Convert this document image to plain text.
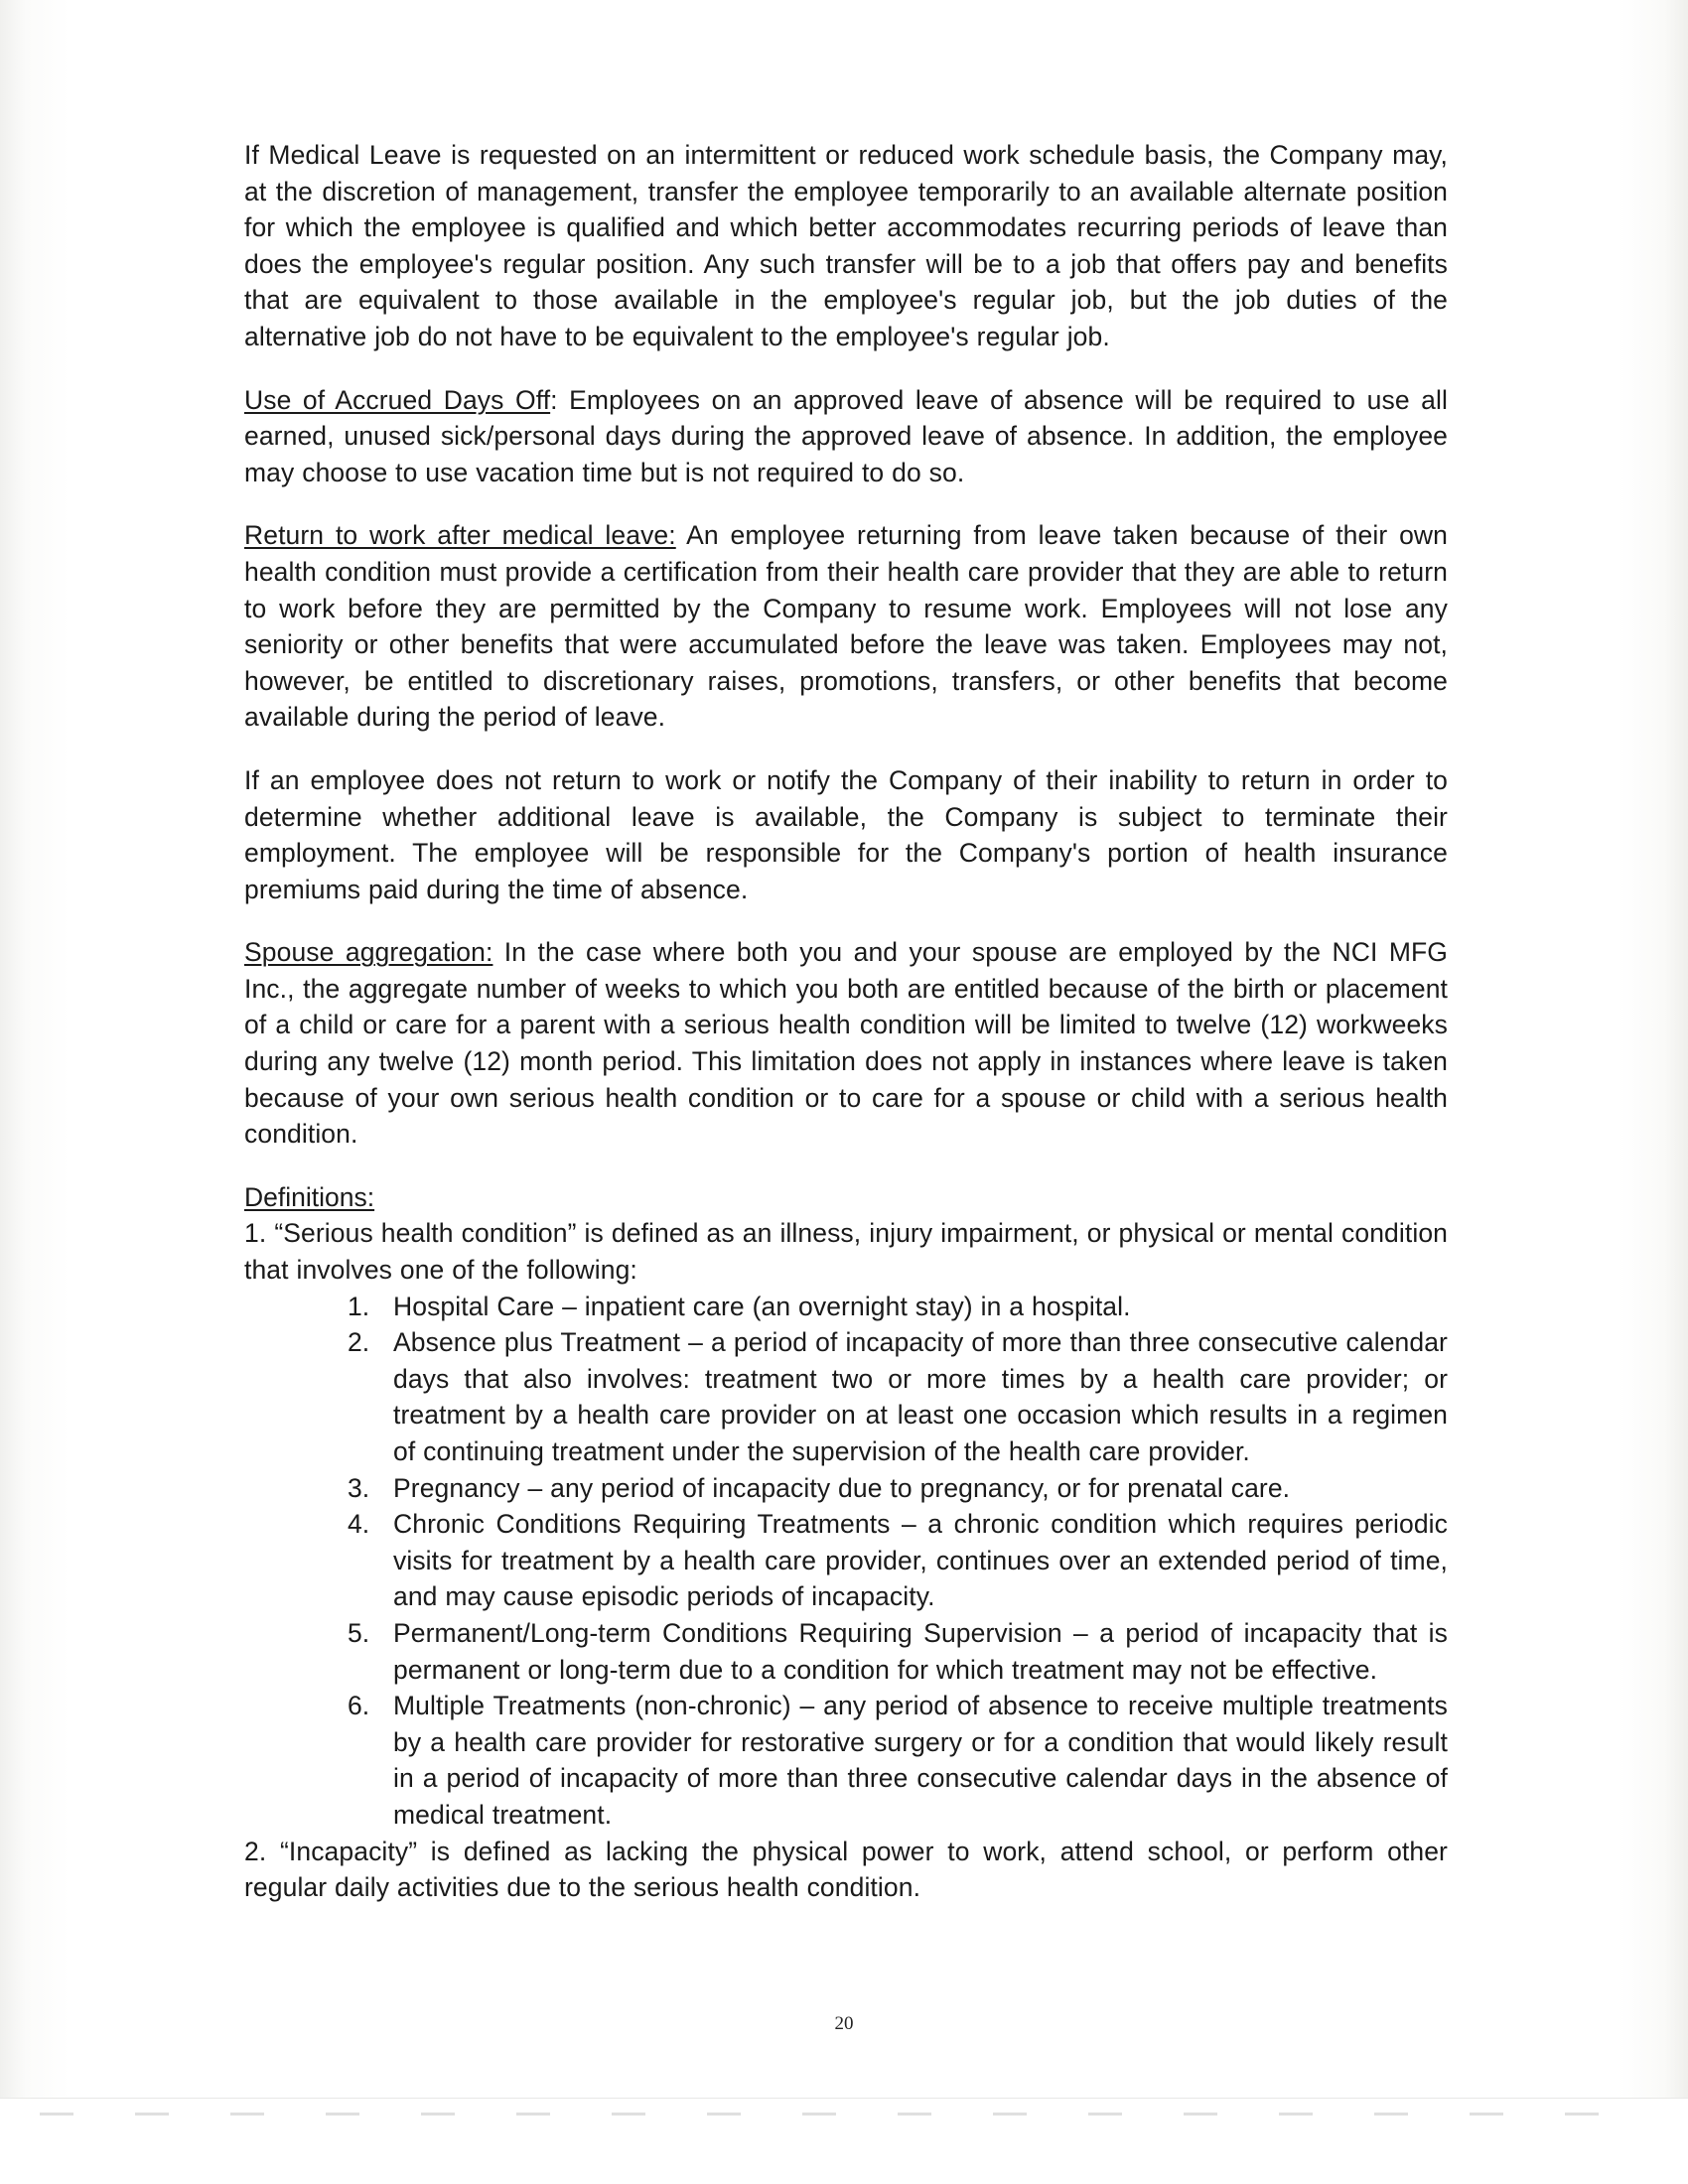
If Medical Leave is requested on an intermittent or reduced work schedule basis, the Company may, at the discretion of management, transfer the employee temporarily to an available alternate position for which the employee is qualified and which better accommodates recurring periods of leave than does the employee's regular position. Any such transfer will be to a job that offers pay and benefits that are equivalent to those available in the employee's regular job, but the job duties of the alternative job do not have to be equivalent to the employee's regular job.

Use of Accrued Days Off: Employees on an approved leave of absence will be required to use all earned, unused sick/personal days during the approved leave of absence. In addition, the employee may choose to use vacation time but is not required to do so.

Return to work after medical leave: An employee returning from leave taken because of their own health condition must provide a certification from their health care provider that they are able to return to work before they are permitted by the Company to resume work. Employees will not lose any seniority or other benefits that were accumulated before the leave was taken. Employees may not, however, be entitled to discretionary raises, promotions, transfers, or other benefits that become available during the period of leave.

If an employee does not return to work or notify the Company of their inability to return in order to determine whether additional leave is available, the Company is subject to terminate their employment. The employee will be responsible for the Company's portion of health insurance premiums paid during the time of absence.

Spouse aggregation: In the case where both you and your spouse are employed by the NCI MFG Inc., the aggregate number of weeks to which you both are entitled because of the birth or placement of a child or care for a parent with a serious health condition will be limited to twelve (12) workweeks during any twelve (12) month period. This limitation does not apply in instances where leave is taken because of your own serious health condition or to care for a spouse or child with a serious health condition.

Definitions:

1. “Serious health condition” is defined as an illness, injury impairment, or physical or mental condition that involves one of the following:

1. Hospital Care – inpatient care (an overnight stay) in a hospital.
2. Absence plus Treatment – a period of incapacity of more than three consecutive calendar days that also involves: treatment two or more times by a health care provider; or treatment by a health care provider on at least one occasion which results in a regimen of continuing treatment under the supervision of the health care provider.
3. Pregnancy – any period of incapacity due to pregnancy, or for prenatal care.
4. Chronic Conditions Requiring Treatments – a chronic condition which requires periodic visits for treatment by a health care provider, continues over an extended period of time, and may cause episodic periods of incapacity.
5. Permanent/Long-term Conditions Requiring Supervision – a period of incapacity that is permanent or long-term due to a condition for which treatment may not be effective.
6. Multiple Treatments (non-chronic) – any period of absence to receive multiple treatments by a health care provider for restorative surgery or for a condition that would likely result in a period of incapacity of more than three consecutive calendar days in the absence of medical treatment.

2. “Incapacity” is defined as lacking the physical power to work, attend school, or perform other regular daily activities due to the serious health condition.

20
